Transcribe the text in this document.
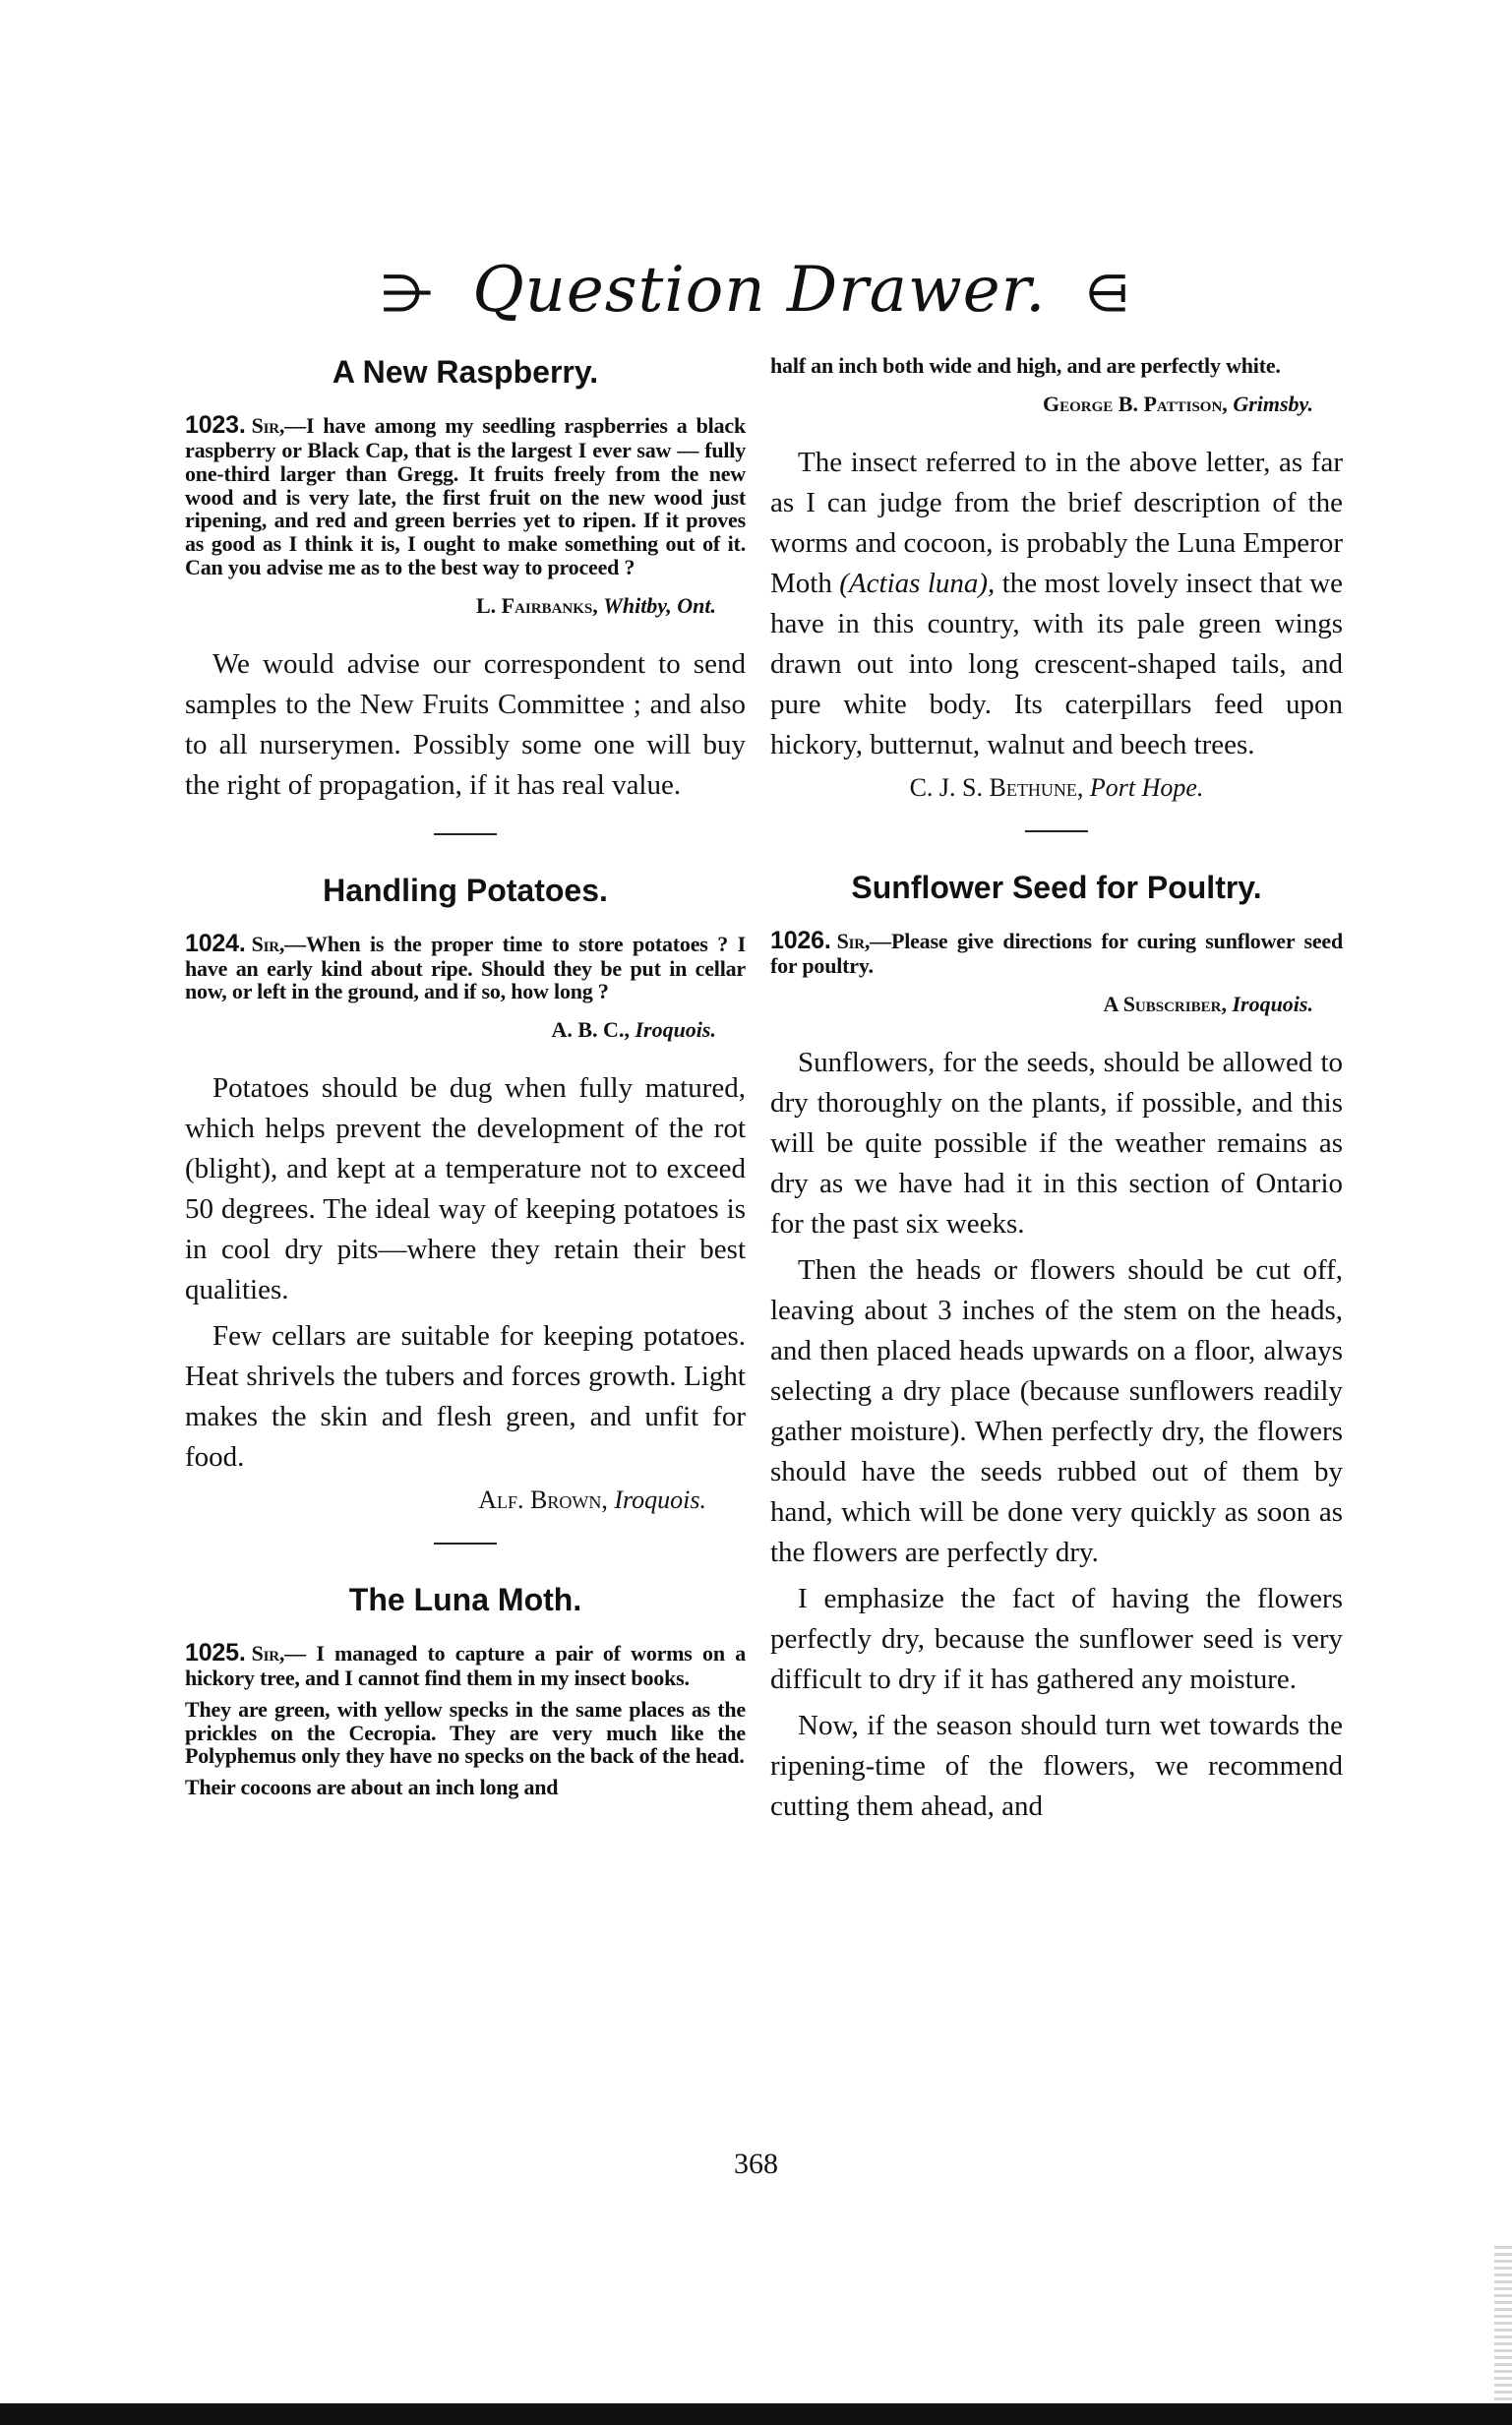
⋺ Question Drawer. ⋳
A New Raspberry.

1023. Sir,—I have among my seedling raspberries a black raspberry or Black Cap, that is the largest I ever saw — fully one-third larger than Gregg. It fruits freely from the new wood and is very late, the first fruit on the new wood just ripening, and red and green berries yet to ripen. If it proves as good as I think it is, I ought to make something out of it. Can you advise me as to the best way to proceed ?

L. Fairbanks, Whitby, Ont.

We would advise our correspondent to send samples to the New Fruits Committee ; and also to all nurserymen. Possibly some one will buy the right of propagation, if it has real value.

Handling Potatoes.

1024. Sir,—When is the proper time to store potatoes ? I have an early kind about ripe. Should they be put in cellar now, or left in the ground, and if so, how long ?

A. B. C., Iroquois.

Potatoes should be dug when fully matured, which helps prevent the development of the rot (blight), and kept at a temperature not to exceed 50 degrees. The ideal way of keeping potatoes is in cool dry pits—where they retain their best qualities.

Few cellars are suitable for keeping potatoes. Heat shrivels the tubers and forces growth. Light makes the skin and flesh green, and unfit for food.

Alf. Brown, Iroquois.
The Luna Moth.

1025. Sir,— I managed to capture a pair of worms on a hickory tree, and I cannot find them in my insect books.

They are green, with yellow specks in the same places as the prickles on the Cecropia. They are very much like the Polyphemus only they have no specks on the back of the head.

Their cocoons are about an inch long and

half an inch both wide and high, and are perfectly white.

George B. Pattison, Grimsby.

The insect referred to in the above letter, as far as I can judge from the brief description of the worms and cocoon, is probably the Luna Emperor Moth (Actias luna), the most lovely insect that we have in this country, with its pale green wings drawn out into long crescent-shaped tails, and pure white body. Its caterpillars feed upon hickory, butternut, walnut and beech trees.

C. J. S. Bethune, Port Hope.
Sunflower Seed for Poultry.

1026. Sir,—Please give directions for curing sunflower seed for poultry.

A Subscriber, Iroquois.

Sunflowers, for the seeds, should be allowed to dry thoroughly on the plants, if possible, and this will be quite possible if the weather remains as dry as we have had it in this section of Ontario for the past six weeks.

Then the heads or flowers should be cut off, leaving about 3 inches of the stem on the heads, and then placed heads upwards on a floor, always selecting a dry place (because sunflowers readily gather moisture). When perfectly dry, the flowers should have the seeds rubbed out of them by hand, which will be done very quickly as soon as the flowers are perfectly dry.

I emphasize the fact of having the flowers perfectly dry, because the sunflower seed is very difficult to dry if it has gathered any moisture.

Now, if the season should turn wet towards the ripening-time of the flowers, we recommend cutting them ahead, and

368
